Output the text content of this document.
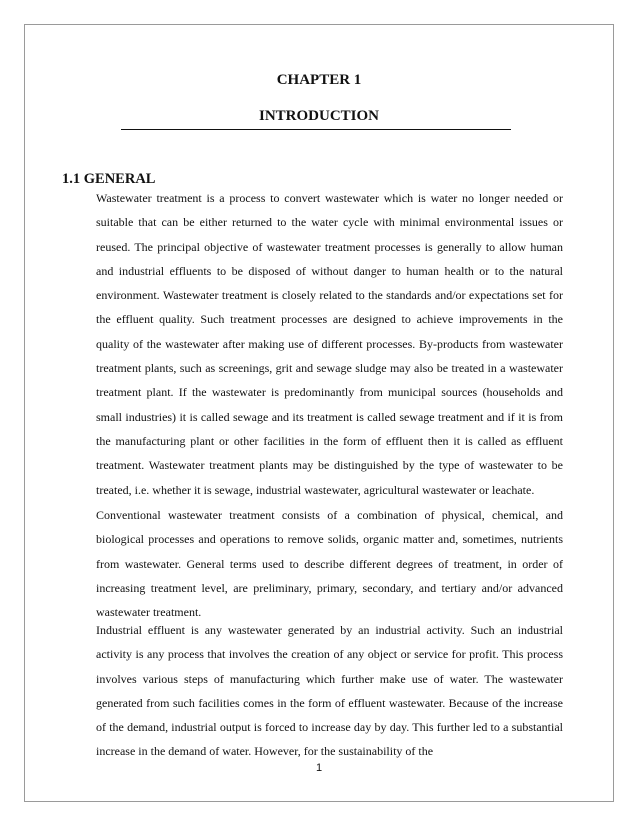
CHAPTER 1
INTRODUCTION
1.1 GENERAL

Wastewater treatment is a process to convert wastewater which is water no longer needed or suitable that can be either returned to the water cycle with minimal environmental issues or reused. The principal objective of wastewater treatment processes is generally to allow human and industrial effluents to be disposed of without danger to human health or to the natural environment. Wastewater treatment is closely related to the standards and/or expectations set for the effluent quality. Such treatment processes are designed to achieve improvements in the quality of the wastewater after making use of different processes. By-products from wastewater treatment plants, such as screenings, grit and sewage sludge may also be treated in a wastewater treatment plant. If the wastewater is predominantly from municipal sources (households and small industries) it is called sewage and its treatment is called sewage treatment and if it is from the manufacturing plant or other facilities in the form of effluent then it is called as effluent treatment. Wastewater treatment plants may be distinguished by the type of wastewater to be treated, i.e. whether it is sewage, industrial wastewater, agricultural wastewater or leachate.

Conventional wastewater treatment consists of a combination of physical, chemical, and biological processes and operations to remove solids, organic matter and, sometimes, nutrients from wastewater. General terms used to describe different degrees of treatment, in order of increasing treatment level, are preliminary, primary, secondary, and tertiary and/or advanced wastewater treatment.

Industrial effluent is any wastewater generated by an industrial activity. Such an industrial activity is any process that involves the creation of any object or service for profit. This process involves various steps of manufacturing which further make use of water. The wastewater generated from such facilities comes in the form of effluent wastewater. Because of the increase of the demand, industrial output is forced to increase day by day. This further led to a substantial increase in the demand of water. However, for the sustainability of the

1
